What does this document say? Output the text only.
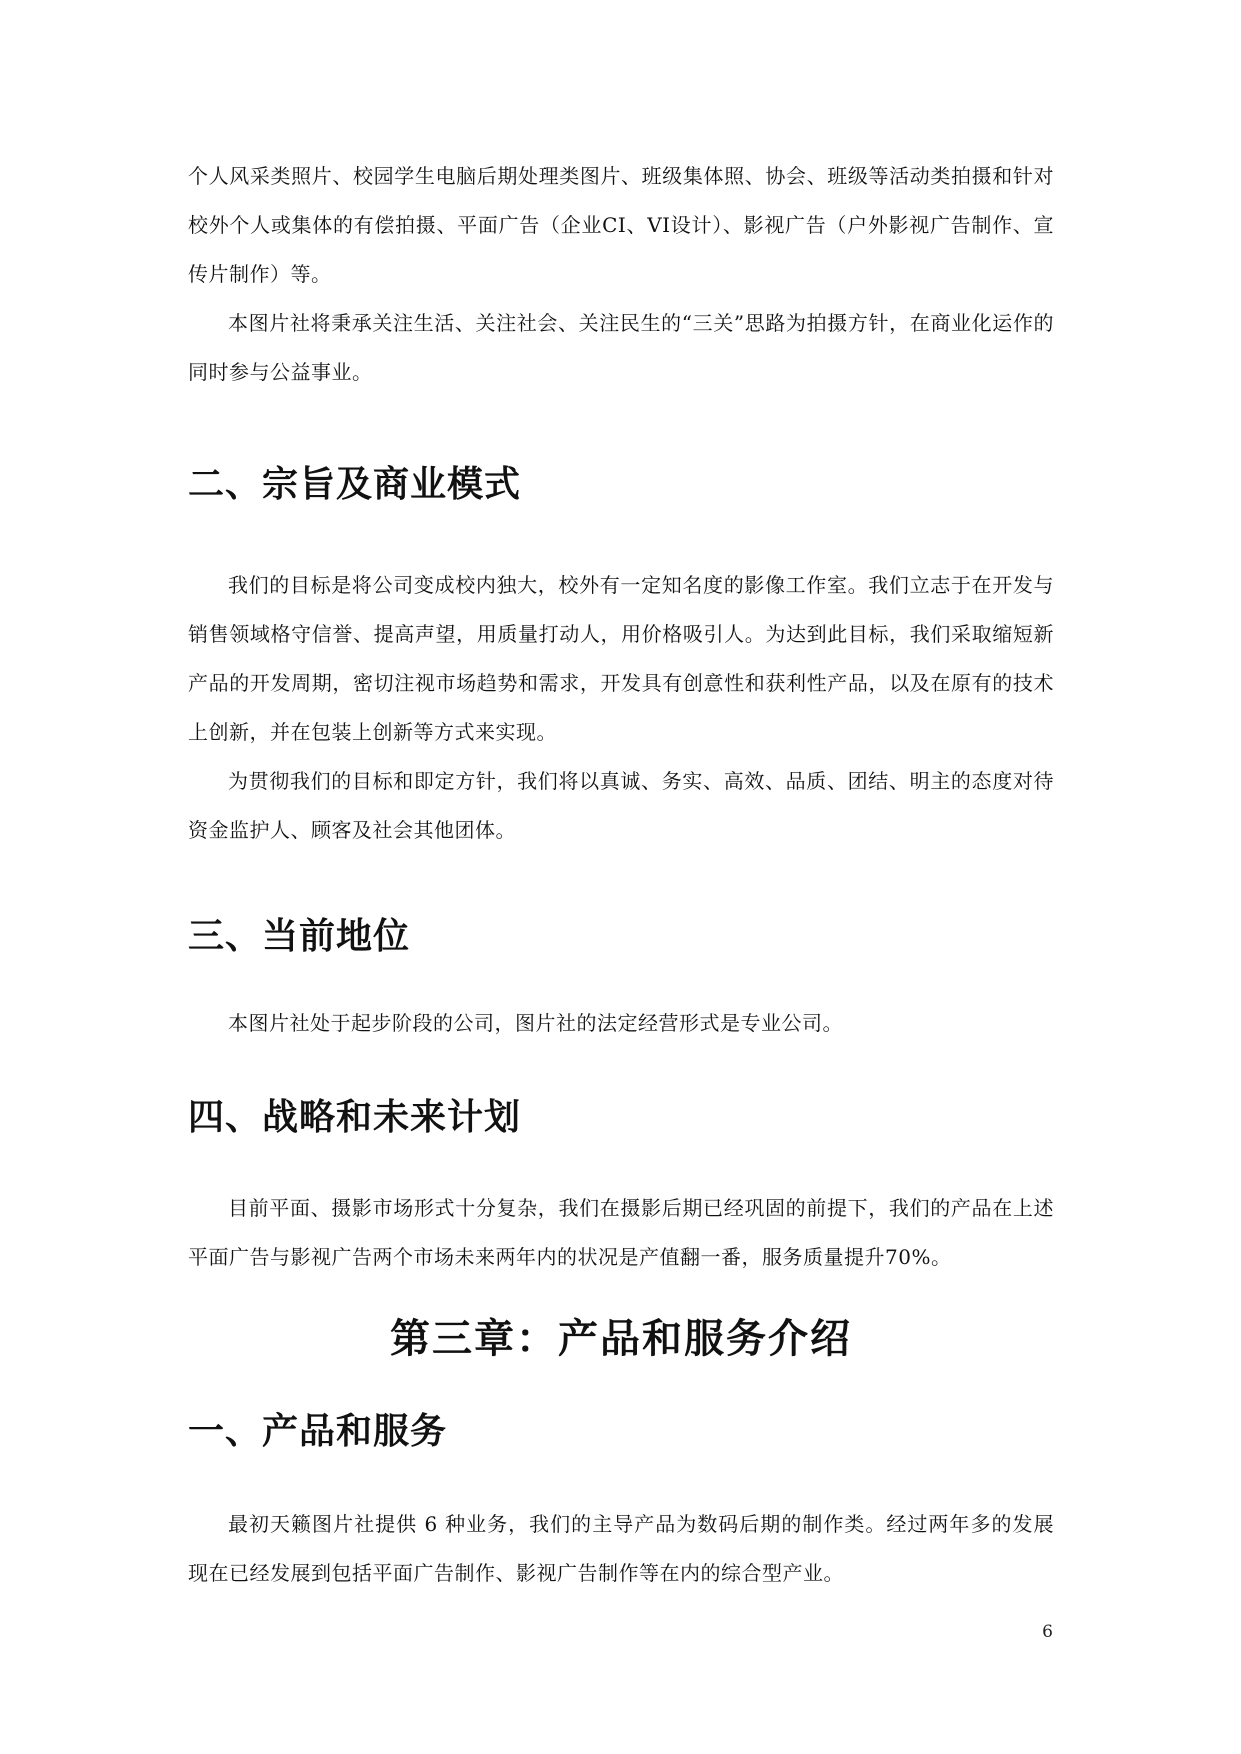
个人风采类照片、校园学生电脑后期处理类图片、班级集体照、协会、班级等活动类拍摄和针对校外个人或集体的有偿拍摄、平面广告（企业CI、VI设计）、影视广告（户外影视广告制作、宣传片制作）等。

本图片社将秉承关注生活、关注社会、关注民生的“三关”思路为拍摄方针，在商业化运作的同时参与公益事业。

二、宗旨及商业模式

我们的目标是将公司变成校内独大，校外有一定知名度的影像工作室。我们立志于在开发与销售领域格守信誉、提高声望，用质量打动人，用价格吸引人。为达到此目标，我们采取缩短新产品的开发周期，密切注视市场趋势和需求，开发具有创意性和获利性产品，以及在原有的技术上创新，并在包装上创新等方式来实现。

为贯彻我们的目标和即定方针，我们将以真诚、务实、高效、品质、团结、明主的态度对待资金监护人、顾客及社会其他团体。

三、当前地位

本图片社处于起步阶段的公司，图片社的法定经营形式是专业公司。

四、战略和未来计划

目前平面、摄影市场形式十分复杂，我们在摄影后期已经巩固的前提下，我们的产品在上述平面广告与影视广告两个市场未来两年内的状况是产值翻一番，服务质量提升70%。

第三章：产品和服务介绍
一、产品和服务

最初天籁图片社提供 6 种业务，我们的主导产品为数码后期的制作类。经过两年多的发展现在已经发展到包括平面广告制作、影视广告制作等在内的综合型产业。

6
